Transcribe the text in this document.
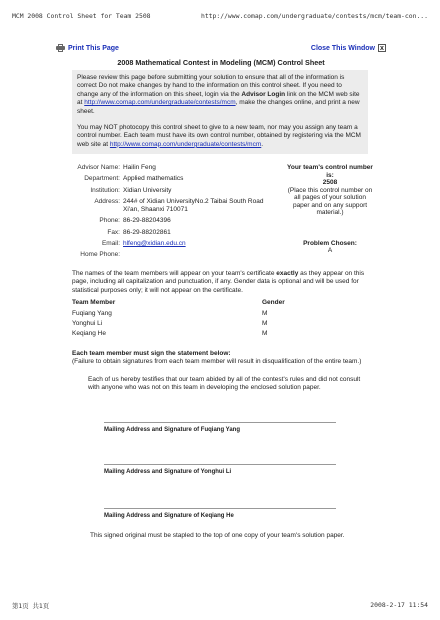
MCM 2008 Control Sheet for Team 2508	http://www.comap.com/undergraduate/contests/mcm/team-con...
Print This Page	Close This Window x
2008 Mathematical Contest in Modeling (MCM) Control Sheet

Please review this page before submitting your solution to ensure that all of the information is correct Do not make changes by hand to the information on this control sheet. If you need to change any of the information on this sheet, login via the Advisor Login link on the MCM web site at http://www.comap.com/undergraduate/contests/mcm, make the changes online, and print a new sheet.

You may NOT photocopy this control sheet to give to a new team, nor may you assign any team a control number. Each team must have its own control number, obtained by registering via the MCM web site at http://www.comap.com/undergraduate/contests/mcm.

Advisor Name: Hailin Feng
Department: Applied mathematics
Institution: Xidian University
Address: 244# of Xidian UniversityNo.2 Taibai South Road Xi'an, Shaanxi 710071
Phone: 86-29-88204396
Fax: 86-29-88202861
Email: hlfeng@xidian.edu.cn
Home Phone:
Your team's control number is:
2508
(Place this control number on all pages of your solution paper and on any support material.)
Problem Chosen:
A
The names of the team members will appear on your team's certificate exactly as they appear on this page, including all capitalization and punctuation, if any. Gender data is optional and will be used for statistical purposes only; it will not appear on the certificate.
Team Member	Gender
Fuqiang Yang	M
Yonghui Li	M
Keqiang He	M
Each team member must sign the statement below:
(Failure to obtain signatures from each team member will result in disqualification of the entire team.)
Each of us hereby testifies that our team abided by all of the contest's rules and did not consult with anyone who was not on this team in developing the enclosed solution paper.
Mailing Address and Signature of Fuqiang Yang
Mailing Address and Signature of Yonghui Li
Mailing Address and Signature of Keqiang He
This signed original must be stapled to the top of one copy of your team's solution paper.
第1页 共1页	2008-2-17 11:54
